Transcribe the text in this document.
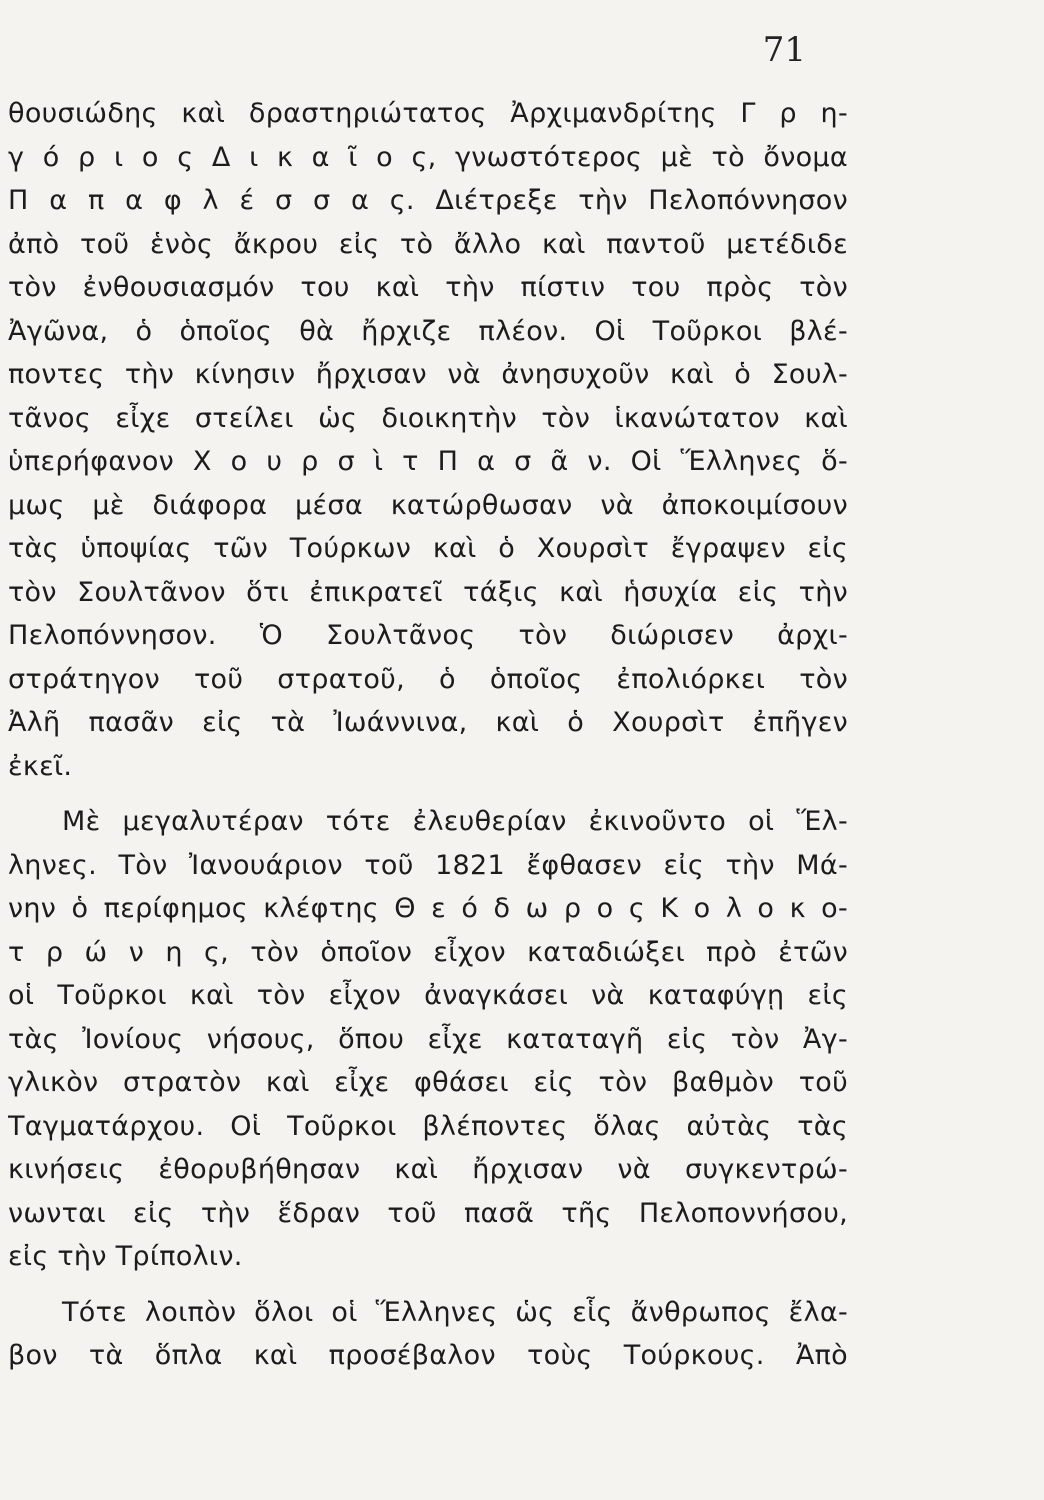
71
θουσιώδης καὶ δραστηριώτατος Ἀρχιμανδρίτης Γ ρ η-
γ ό ρ ι ο ς Δ ι κ α ῖ ο ς, γνωστότερος μὲ τὸ ὄνομα
Π α π α φ λ έ σ σ α ς. Διέτρεξε τὴν Πελοπόννησον
ἀπὸ τοῦ ἑνὸς ἄκρου εἰς τὸ ἄλλο καὶ παντοῦ μετέδιδε
τὸν ἐνθουσιασμόν του καὶ τὴν πίστιν του πρὸς τὸν
Ἀγῶνα, ὁ ὁποῖος θὰ ἤρχιζε πλέον. Οἱ Τοῦρκοι βλέ-
ποντες τὴν κίνησιν ἤρχισαν νὰ ἀνησυχοῦν καὶ ὁ Σουλ-
τᾶνος εἶχε στείλει ὡς διοικητὴν τὸν ἱκανώτατον καὶ
ὑπερήφανον Χ ο υ ρ σ ὶ τ Π α σ ᾶ ν. Οἱ Ἕλληνες ὅ-
μως μὲ διάφορα μέσα κατώρθωσαν νὰ ἀποκοιμίσουν
τὰς ὑποψίας τῶν Τούρκων καὶ ὁ Χουρσὶτ ἔγραψεν εἰς
τὸν Σουλτᾶνον ὅτι ἐπικρατεῖ τάξις καὶ ἡσυχία εἰς τὴν
Πελοπόννησον. Ὁ Σουλτᾶνος τὸν διώρισεν ἀρχι-
στράτηγον τοῦ στρατοῦ, ὁ ὁποῖος ἐπολιόρκει τὸν
Ἀλῆ πασᾶν εἰς τὰ Ἰωάννινα, καὶ ὁ Χουρσὶτ ἐπῆγεν
ἐκεῖ.
Μὲ μεγαλυτέραν τότε ἐλευθερίαν ἐκινοῦντο οἱ Ἕλ-
ληνες. Τὸν Ἰανουάριον τοῦ 1821 ἔφθασεν εἰς τὴν Μά-
νην ὁ περίφημος κλέφτης Θ ε ό δ ω ρ ο ς Κ ο λ ο κ ο-
τ ρ ώ ν η ς, τὸν ὁποῖον εἶχον καταδιώξει πρὸ ἐτῶν
οἱ Τοῦρκοι καὶ τὸν εἶχον ἀναγκάσει νὰ καταφύγῃ εἰς
τὰς Ἰονίους νήσους, ὅπου εἶχε καταταγῆ εἰς τὸν Ἀγ-
γλικὸν στρατὸν καὶ εἶχε φθάσει εἰς τὸν βαθμὸν τοῦ
Ταγματάρχου. Οἱ Τοῦρκοι βλέποντες ὅλας αὐτὰς τὰς
κινήσεις ἐθορυβήθησαν καὶ ἤρχισαν νὰ συγκεντρώ-
νωνται εἰς τὴν ἕδραν τοῦ πασᾶ τῆς Πελοποννήσου,
εἰς τὴν Τρίπολιν.
Τότε λοιπὸν ὅλοι οἱ Ἕλληνες ὡς εἷς ἄνθρωπος ἔλα-
βον τὰ ὅπλα καὶ προσέβαλον τοὺς Τούρκους. Ἀπὸ
